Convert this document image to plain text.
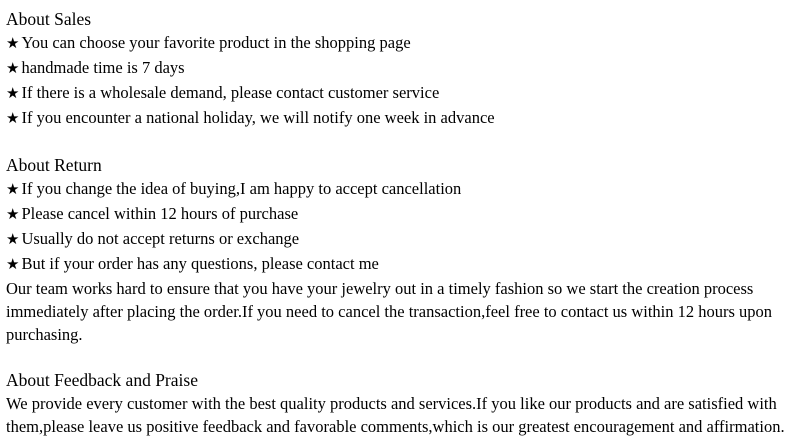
About Sales
★ You can choose your favorite product in the shopping page
★ handmade time is 7 days
★ If there is a wholesale demand, please contact customer service
★ If you encounter a national holiday, we will notify one week in advance
About Return
★ If you change the idea of buying,I am happy to accept cancellation
★ Please cancel within 12 hours of purchase
★ Usually do not accept returns or exchange
★ But if your order has any questions, please contact me
Our team works hard to ensure that you have your jewelry out in a timely fashion so we start the creation process immediately after placing the order.If you need to cancel the transaction,feel free to contact us within 12 hours upon purchasing.
About Feedback and Praise
We provide every customer with the best quality products and services.If you like our products and are satisfied with them,please leave us positive feedback and favorable comments,which is our greatest encouragement and affirmation.
